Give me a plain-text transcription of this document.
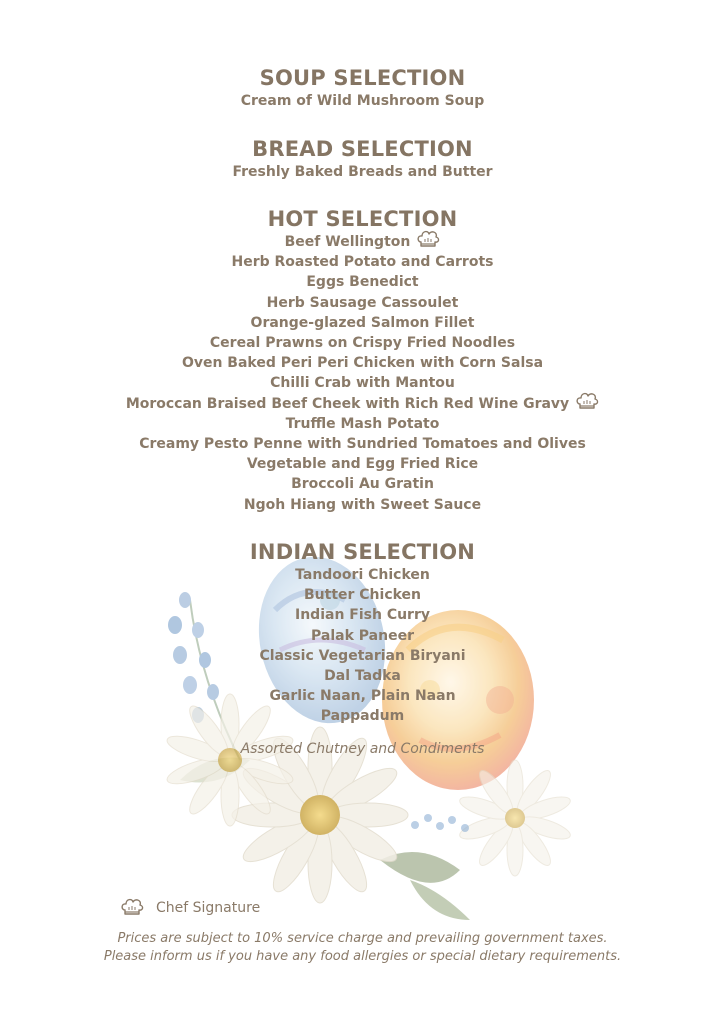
SOUP SELECTION
Cream of Wild Mushroom Soup
BREAD SELECTION
Freshly Baked Breads and Butter
HOT SELECTION
Beef Wellington
Herb Roasted Potato and Carrots
Eggs Benedict
Herb Sausage Cassoulet
Orange-glazed Salmon Fillet
Cereal Prawns on Crispy Fried Noodles
Oven Baked Peri Peri Chicken with Corn Salsa
Chilli Crab with Mantou
Moroccan Braised Beef Cheek with Rich Red Wine Gravy
Truffle Mash Potato
Creamy Pesto Penne with Sundried Tomatoes and Olives
Vegetable and Egg Fried Rice
Broccoli Au Gratin
Ngoh Hiang with Sweet Sauce
INDIAN SELECTION
Tandoori Chicken
Butter Chicken
Indian Fish Curry
Palak Paneer
Classic Vegetarian Biryani
Dal Tadka
Garlic Naan, Plain Naan
Pappadum
Assorted Chutney and Condiments
Chef Signature
Prices are subject to 10% service charge and prevailing government taxes.
Please inform us if you have any food allergies or special dietary requirements.
